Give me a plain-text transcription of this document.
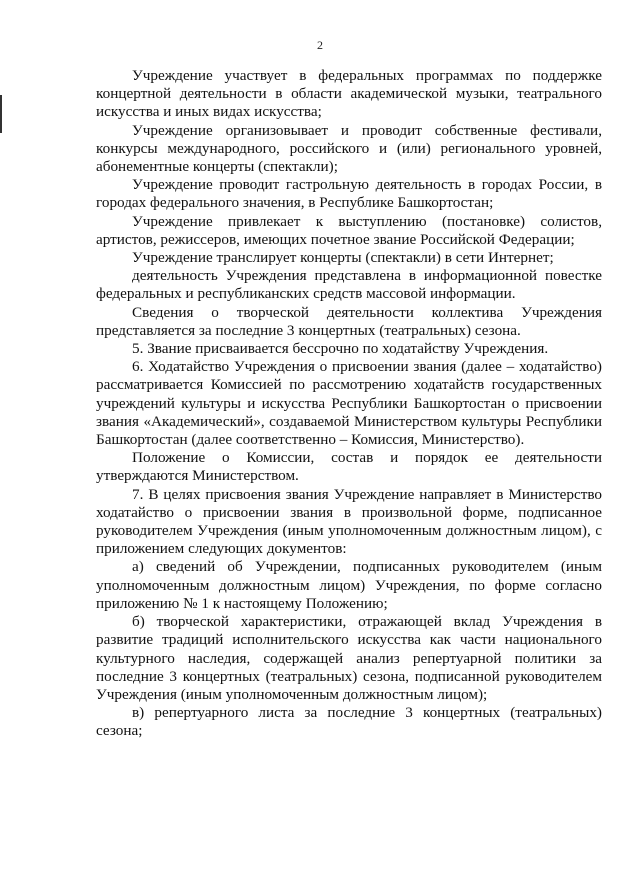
2

Учреждение участвует в федеральных программах по поддержке концертной деятельности в области академической музыки, театрального искусства и иных видах искусства;

Учреждение организовывает и проводит собственные фестивали, конкурсы международного, российского и (или) регионального уровней, абонементные концерты (спектакли);

Учреждение проводит гастрольную деятельность в городах России, в городах федерального значения, в Республике Башкортостан;

Учреждение привлекает к выступлению (постановке) солистов, артистов, режиссеров, имеющих почетное звание Российской Федерации;

Учреждение транслирует концерты (спектакли) в сети Интернет;

деятельность Учреждения представлена в информационной повестке федеральных и республиканских средств массовой информации.

Сведения о творческой деятельности коллектива Учреждения представляется за последние 3 концертных (театральных) сезона.

5. Звание присваивается бессрочно по ходатайству Учреждения.

6. Ходатайство Учреждения о присвоении звания (далее – ходатайство) рассматривается Комиссией по рассмотрению ходатайств государственных учреждений культуры и искусства Республики Башкортостан о присвоении звания «Академический», создаваемой Министерством культуры Республики Башкортостан (далее соответственно – Комиссия, Министерство).

Положение о Комиссии, состав и порядок ее деятельности утверждаются Министерством.

7. В целях присвоения звания Учреждение направляет в Министерство ходатайство о присвоении звания в произвольной форме, подписанное руководителем Учреждения (иным уполномоченным должностным лицом), с приложением следующих документов:

а) сведений об Учреждении, подписанных руководителем (иным уполномоченным должностным лицом) Учреждения, по форме согласно приложению № 1 к настоящему Положению;

б) творческой характеристики, отражающей вклад Учреждения в развитие традиций исполнительского искусства как части национального культурного наследия, содержащей анализ репертуарной политики за последние 3 концертных (театральных) сезона, подписанной руководителем Учреждения (иным уполномоченным должностным лицом);

в) репертуарного листа за последние 3 концертных (театральных) сезона;
